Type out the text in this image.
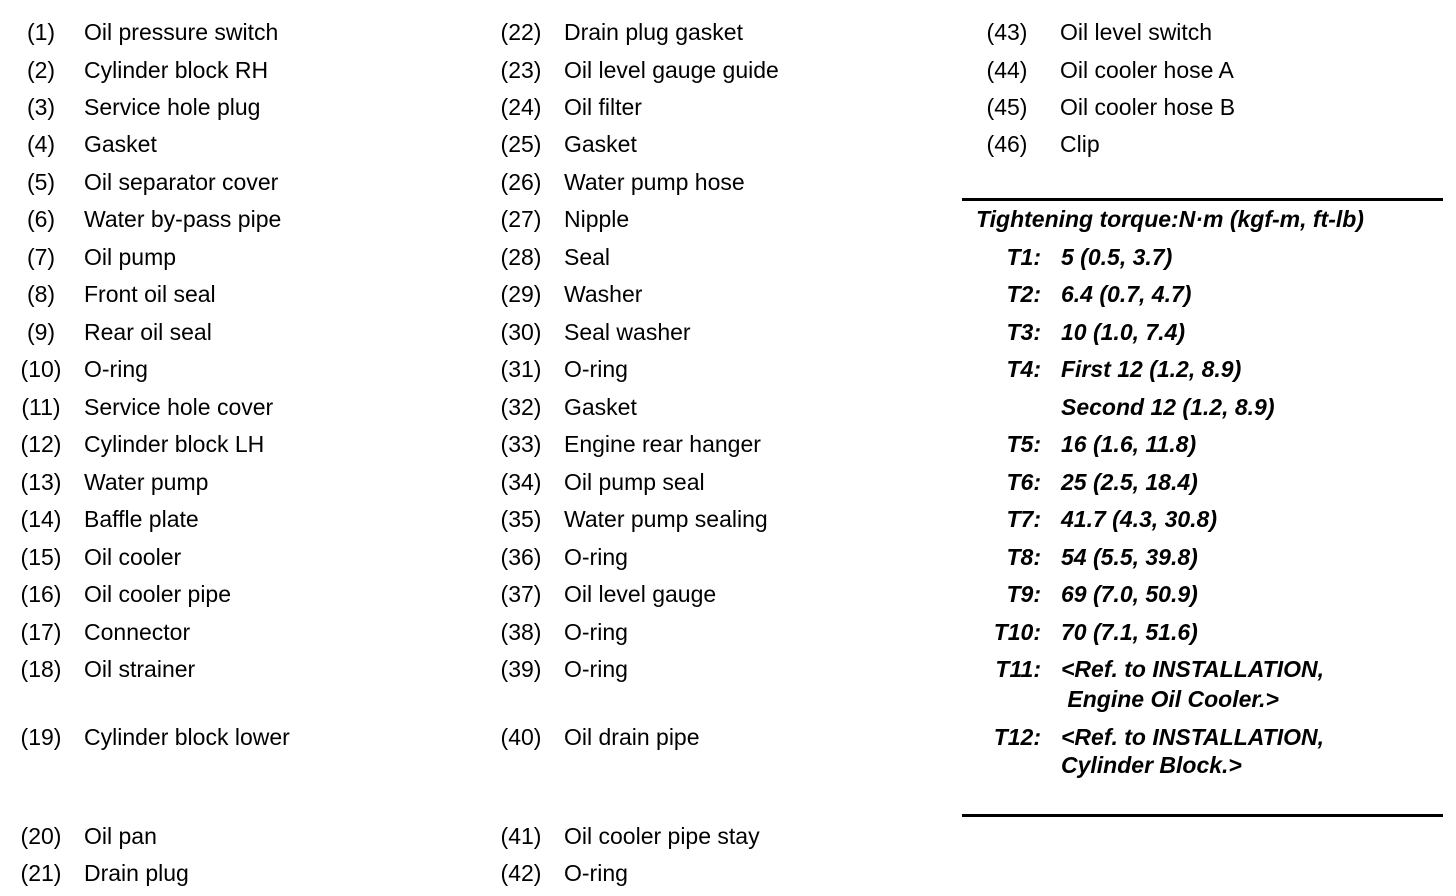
(1)	Oil pressure switch
(2)	Cylinder block RH
(3)	Service hole plug
(4)	Gasket
(5)	Oil separator cover
(6)	Water by-pass pipe
(7)	Oil pump
(8)	Front oil seal
(9)	Rear oil seal
(10) O-ring
(11)	Service hole cover
(12) Cylinder block LH
(13) Water pump
(14) Baffle plate
(15) Oil cooler
(16) Oil cooler pipe
(17) Connector
(18) Oil strainer
(19) Cylinder block lower
(20) Oil pan
(21) Drain plug
(22) Drain plug gasket
(23) Oil level gauge guide
(24) Oil filter
(25) Gasket
(26) Water pump hose
(27) Nipple
(28) Seal
(29) Washer
(30) Seal washer
(31) O-ring
(32) Gasket
(33) Engine rear hanger
(34) Oil pump seal
(35) Water pump sealing
(36) O-ring
(37) Oil level gauge
(38) O-ring
(39) O-ring
(40) Oil drain pipe
(41) Oil cooler pipe stay
(42) O-ring
(43)	Oil level switch
(44)	Oil cooler hose A
(45)	Oil cooler hose B
(46)	Clip
Tightening torque:N·m (kgf-m, ft-lb)
T1: 5 (0.5, 3.7)
T2: 6.4 (0.7, 4.7)
T3: 10 (1.0, 7.4)
T4: First 12 (1.2, 8.9)
Second 12 (1.2, 8.9)
T5: 16 (1.6, 11.8)
T6: 25 (2.5, 18.4)
T7: 41.7 (4.3, 30.8)
T8: 54 (5.5, 39.8)
T9: 69 (7.0, 50.9)
T10: 70 (7.1, 51.6)
T11: <Ref. to INSTALLATION,
Engine Oil Cooler.>
T12: <Ref. to INSTALLATION,
Cylinder Block.>
